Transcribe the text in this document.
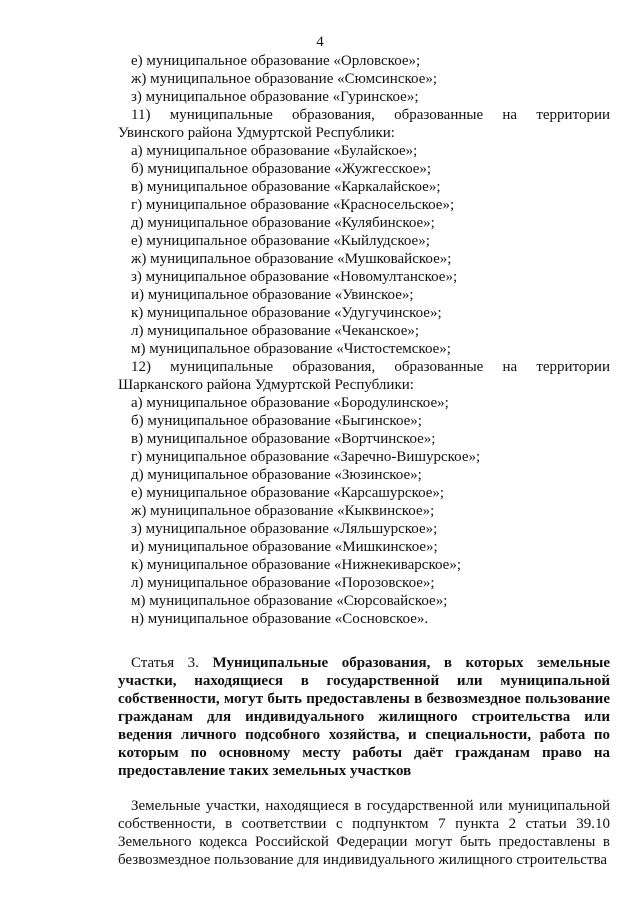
4
е) муниципальное образование «Орловское»;
ж) муниципальное образование «Сюмсинское»;
з) муниципальное образование «Гуринское»;
11) муниципальные образования, образованные на территории
Увинского района Удмуртской Республики:
а) муниципальное образование «Булайское»;
б) муниципальное образование «Жужгесское»;
в) муниципальное образование «Каркалайское»;
г) муниципальное образование «Красносельское»;
д) муниципальное образование «Кулябинское»;
е) муниципальное образование «Кыйлудское»;
ж) муниципальное образование «Мушковайское»;
з) муниципальное образование «Новомултанское»;
и) муниципальное образование «Увинское»;
к) муниципальное образование «Удугучинское»;
л) муниципальное образование «Чеканское»;
м) муниципальное образование «Чистостемское»;
12) муниципальные образования, образованные на территории
Шарканского района Удмуртской Республики:
а) муниципальное образование «Бородулинское»;
б) муниципальное образование «Быгинское»;
в) муниципальное образование «Вортчинское»;
г) муниципальное образование «Заречно-Вишурское»;
д) муниципальное образование «Зюзинское»;
е) муниципальное образование «Карсашурское»;
ж) муниципальное образование «Кыквинское»;
з) муниципальное образование «Ляльшурское»;
и) муниципальное образование «Мишкинское»;
к) муниципальное образование «Нижнекиварское»;
л) муниципальное образование «Порозовское»;
м) муниципальное образование «Сюрсовайское»;
н) муниципальное образование «Сосновское».
Статья 3. Муниципальные образования, в которых земельные участки, находящиеся в государственной или муниципальной собственности, могут быть предоставлены в безвозмездное пользование гражданам для индивидуального жилищного строительства или ведения личного подсобного хозяйства, и специальности, работа по которым по основному месту работы даёт гражданам право на предоставление таких земельных участков
Земельные участки, находящиеся в государственной или муниципальной собственности, в соответствии с подпунктом 7 пункта 2 статьи 39.10 Земельного кодекса Российской Федерации могут быть предоставлены в безвозмездное пользование для индивидуального жилищного строительства
